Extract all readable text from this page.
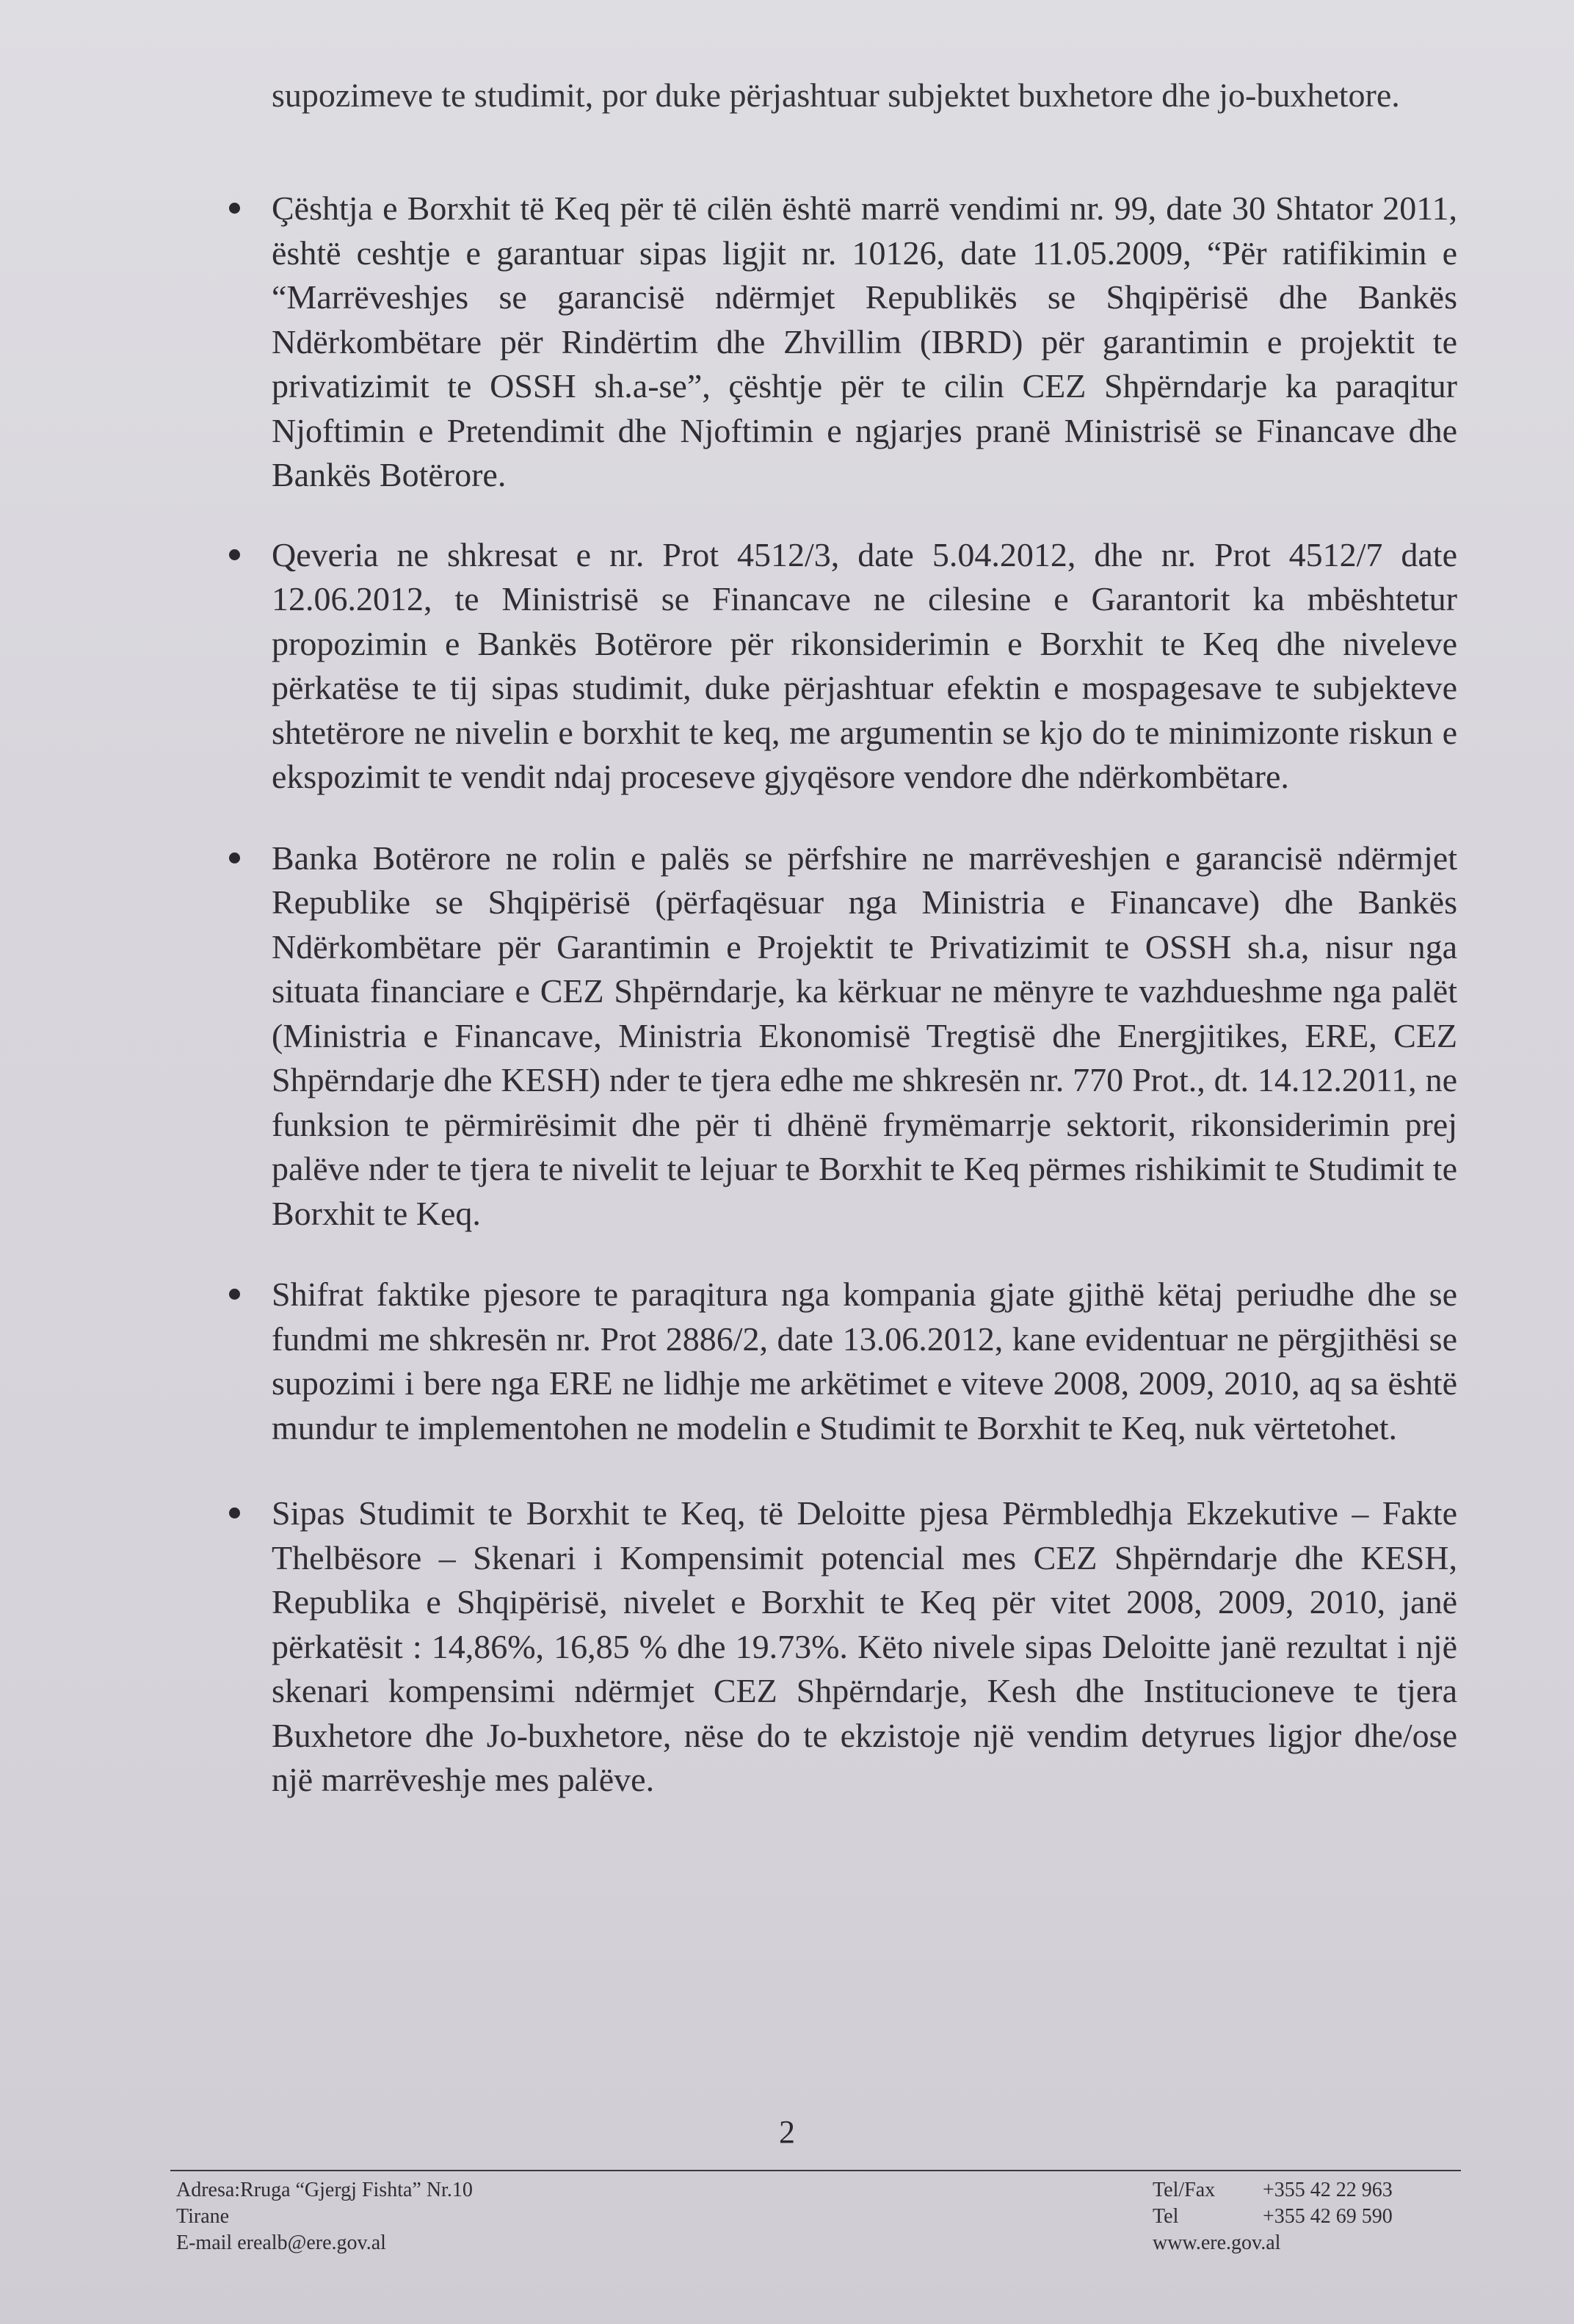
supozimeve te studimit, por duke përjashtuar subjektet buxhetore dhe jo-buxhetore.

Çështja e Borxhit të Keq për të cilën është marrë vendimi nr. 99, date 30 Shtator 2011, është ceshtje e garantuar sipas ligjit nr. 10126, date 11.05.2009, “Për ratifikimin e “Marrëveshjes se garancisë ndërmjet Republikës se Shqipërisë dhe Bankës Ndërkombëtare për Rindërtim dhe Zhvillim (IBRD) për garantimin e projektit te privatizimit te OSSH sh.a-se”, çështje për te cilin CEZ Shpërndarje ka paraqitur Njoftimin e Pretendimit dhe Njoftimin e ngjarjes pranë Ministrisë se Financave dhe Bankës Botërore.
Qeveria ne shkresat e nr. Prot 4512/3, date 5.04.2012, dhe nr. Prot 4512/7 date 12.06.2012, te Ministrisë se Financave ne cilesine e Garantorit ka mbështetur propozimin e Bankës Botërore për rikonsiderimin e Borxhit te Keq dhe niveleve përkatëse te tij sipas studimit, duke përjashtuar efektin e mospagesave te subjekteve shtetërore ne nivelin e borxhit te keq, me argumentin se kjo do te minimizonte riskun e ekspozimit te vendit ndaj proceseve gjyqësore vendore dhe ndërkombëtare.
Banka Botërore ne rolin e palës se përfshire ne marrëveshjen e garancisë ndërmjet Republike se Shqipërisë (përfaqësuar nga Ministria e Financave) dhe Bankës Ndërkombëtare për Garantimin e Projektit te Privatizimit te OSSH sh.a, nisur nga situata financiare e CEZ Shpërndarje, ka kërkuar ne mënyre te vazhdueshme nga palët (Ministria e Financave, Ministria Ekonomisë Tregtisë dhe Energjitikes, ERE, CEZ Shpërndarje dhe KESH) nder te tjera edhe me shkresën nr. 770 Prot., dt. 14.12.2011, ne funksion te përmirësimit dhe për ti dhënë frymëmarrje sektorit, rikonsiderimin prej palëve nder te tjera te nivelit te lejuar te Borxhit te Keq përmes rishikimit te Studimit te Borxhit te Keq.
Shifrat faktike pjesore te paraqitura nga kompania gjate gjithë këtaj periudhe dhe se fundmi me shkresën nr. Prot 2886/2, date 13.06.2012, kane evidentuar ne përgjithësi se supozimi i bere nga ERE ne lidhje me arkëtimet e viteve 2008, 2009, 2010, aq sa është mundur te implementohen ne modelin e Studimit te Borxhit te Keq, nuk vërtetohet.
Sipas Studimit te Borxhit te Keq, të Deloitte pjesa Përmbledhja Ekzekutive – Fakte Thelbësore – Skenari i Kompensimit potencial mes CEZ Shpërndarje dhe KESH, Republika e Shqipërisë, nivelet e Borxhit te Keq për vitet 2008, 2009, 2010, janë përkatësit : 14,86%, 16,85 % dhe 19.73%. Këto nivele sipas Deloitte janë rezultat i një skenari kompensimi ndërmjet CEZ Shpërndarje, Kesh dhe Institucioneve te tjera Buxhetore dhe Jo-buxhetore, nëse do te ekzistoje një vendim detyrues ligjor dhe/ose një marrëveshje mes palëve.
2
Adresa:Rruga “Gjergj Fishta” Nr.10
Tirane
E-mail erealb@ere.gov.al
Tel/Fax	+355 42 22 963
Tel	+355 42 69 590
www.ere.gov.al
